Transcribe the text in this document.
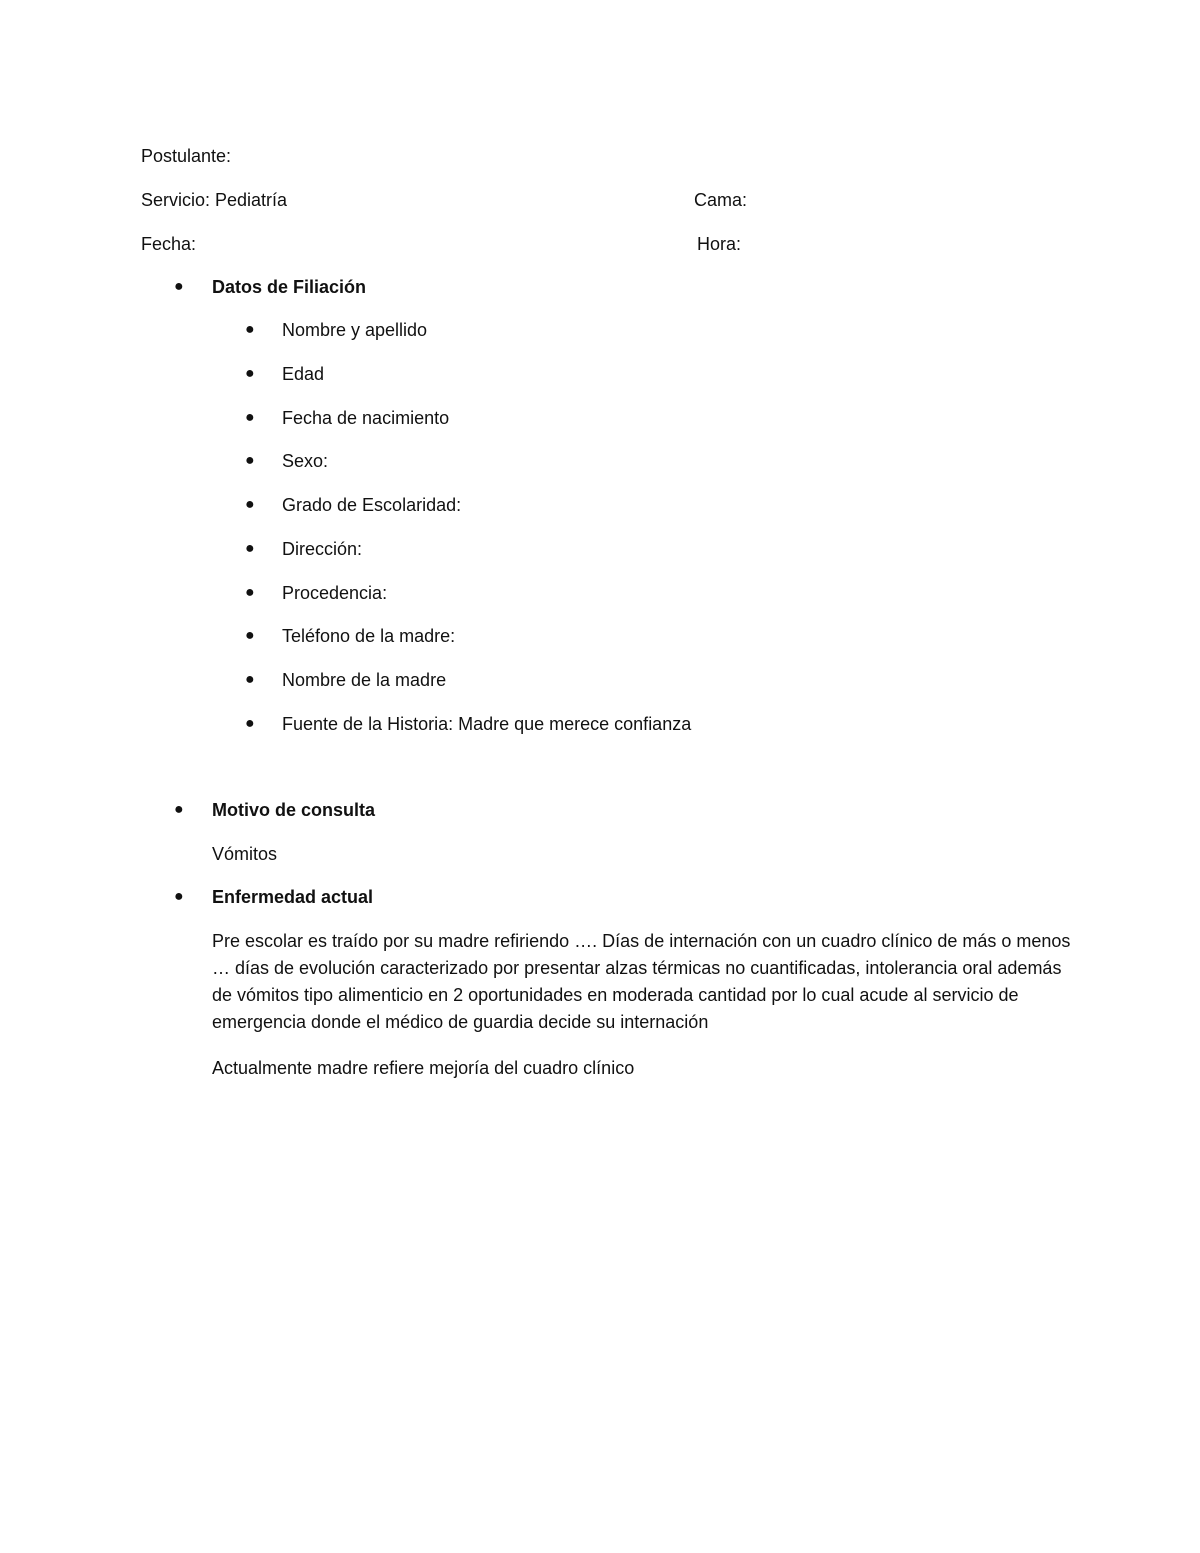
Postulante:
Servicio: Pediatría	Cama:
Fecha:	Hora:
● Datos de Filiación
● Nombre y apellido
● Edad
● Fecha de nacimiento
● Sexo:
● Grado de Escolaridad:
● Dirección:
● Procedencia:
● Teléfono de la madre:
● Nombre de la madre
● Fuente de la Historia: Madre que merece confianza
● Motivo de consulta
Vómitos
● Enfermedad actual
Pre escolar es traído por su madre refiriendo …. Días de internación con un cuadro clínico de más o menos … días de evolución caracterizado por presentar alzas térmicas no cuantificadas, intolerancia oral además de vómitos tipo alimenticio en 2 oportunidades en moderada cantidad por lo cual acude al servicio de emergencia donde el médico de guardia decide su internación
Actualmente madre refiere mejoría del cuadro clínico
